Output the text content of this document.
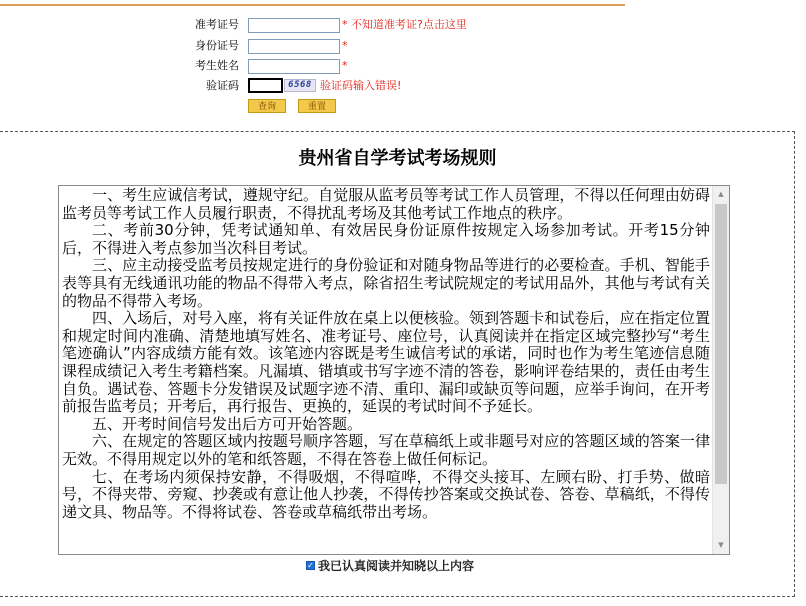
准考证号	* 不知道准考证?点击这里
身份证号	*
考生姓名	*
验证码	6568 验证码输入错误!
查询	重置
贵州省自学考试考场规则

一、考生应诚信考试，遵规守纪。自觉服从监考员等考试工作人员管理，不得以任何理由妨碍监考员等考试工作人员履行职责，不得扰乱考场及其他考试工作地点的秩序。

二、考前30分钟，凭考试通知单、有效居民身份证原件按规定入场参加考试。开考15分钟后，不得进入考点参加当次科目考试。

三、应主动接受监考员按规定进行的身份验证和对随身物品等进行的必要检查。手机、智能手表等具有无线通讯功能的物品不得带入考点，除省招生考试院规定的考试用品外，其他与考试有关的物品不得带入考场。

四、入场后，对号入座，将有关证件放在桌上以便核验。领到答题卡和试卷后，应在指定位置和规定时间内准确、清楚地填写姓名、准考证号、座位号，认真阅读并在指定区域完整抄写“考生笔迹确认”内容成绩方能有效。该笔迹内容既是考生诚信考试的承诺，同时也作为考生笔迹信息随课程成绩记入考生考籍档案。凡漏填、错填或书写字迹不清的答卷，影响评卷结果的，责任由考生自负。遇试卷、答题卡分发错误及试题字迹不清、重印、漏印或缺页等问题，应举手询问，在开考前报告监考员；开考后，再行报告、更换的，延误的考试时间不予延长。

五、开考时间信号发出后方可开始答题。

六、在规定的答题区域内按题号顺序答题，写在草稿纸上或非题号对应的答题区域的答案一律无效。不得用规定以外的笔和纸答题，不得在答卷上做任何标记。

七、在考场内须保持安静，不得吸烟，不得喧哗，不得交头接耳、左顾右盼、打手势、做暗号，不得夹带、旁窥、抄袭或有意让他人抄袭，不得传抄答案或交换试卷、答卷、草稿纸，不得传递文具、物品等。不得将试卷、答卷或草稿纸带出考场。

▲
▼
✓ 我已认真阅读并知晓以上内容
